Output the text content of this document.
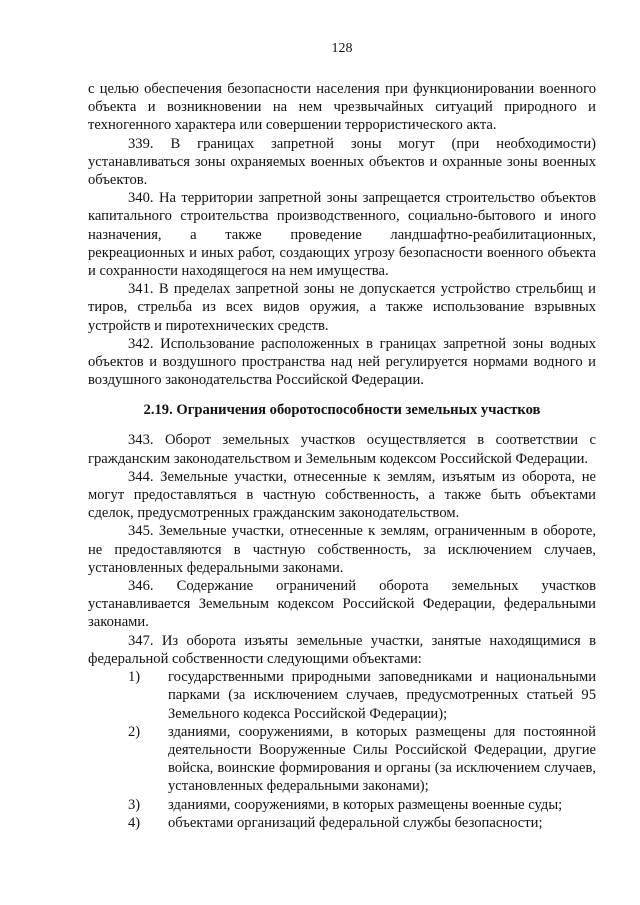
128

с целью обеспечения безопасности населения при функционировании военного объекта и возникновении на нем чрезвычайных ситуаций природного и техногенного характера или совершении террористического акта.

339. В границах запретной зоны могут (при необходимости) устанавливаться зоны охраняемых военных объектов и охранные зоны военных объектов.

340. На территории запретной зоны запрещается строительство объектов капитального строительства производственного, социально-бытового и иного назначения, а также проведение ландшафтно-реабилитационных, рекреационных и иных работ, создающих угрозу безопасности военного объекта и сохранности находящегося на нем имущества.

341. В пределах запретной зоны не допускается устройство стрельбищ и тиров, стрельба из всех видов оружия, а также использование взрывных устройств и пиротехнических средств.

342. Использование расположенных в границах запретной зоны водных объектов и воздушного пространства над ней регулируется нормами водного и воздушного законодательства Российской Федерации.

2.19. Ограничения оборотоспособности земельных участков

343. Оборот земельных участков осуществляется в соответствии с гражданским законодательством и Земельным кодексом Российской Федерации.

344. Земельные участки, отнесенные к землям, изъятым из оборота, не могут предоставляться в частную собственность, а также быть объектами сделок, предусмотренных гражданским законодательством.

345. Земельные участки, отнесенные к землям, ограниченным в обороте, не предоставляются в частную собственность, за исключением случаев, установленных федеральными законами.

346. Содержание ограничений оборота земельных участков устанавливается Земельным кодексом Российской Федерации, федеральными законами.

347. Из оборота изъяты земельные участки, занятые находящимися в федеральной собственности следующими объектами:

1)	государственными природными заповедниками и национальными парками (за исключением случаев, предусмотренных статьей 95 Земельного кодекса Российской Федерации);
2)	зданиями, сооружениями, в которых размещены для постоянной деятельности Вооруженные Силы Российской Федерации, другие войска, воинские формирования и органы (за исключением случаев, установленных федеральными законами);
3)	зданиями, сооружениями, в которых размещены военные суды;
4)	объектами организаций федеральной службы безопасности;
